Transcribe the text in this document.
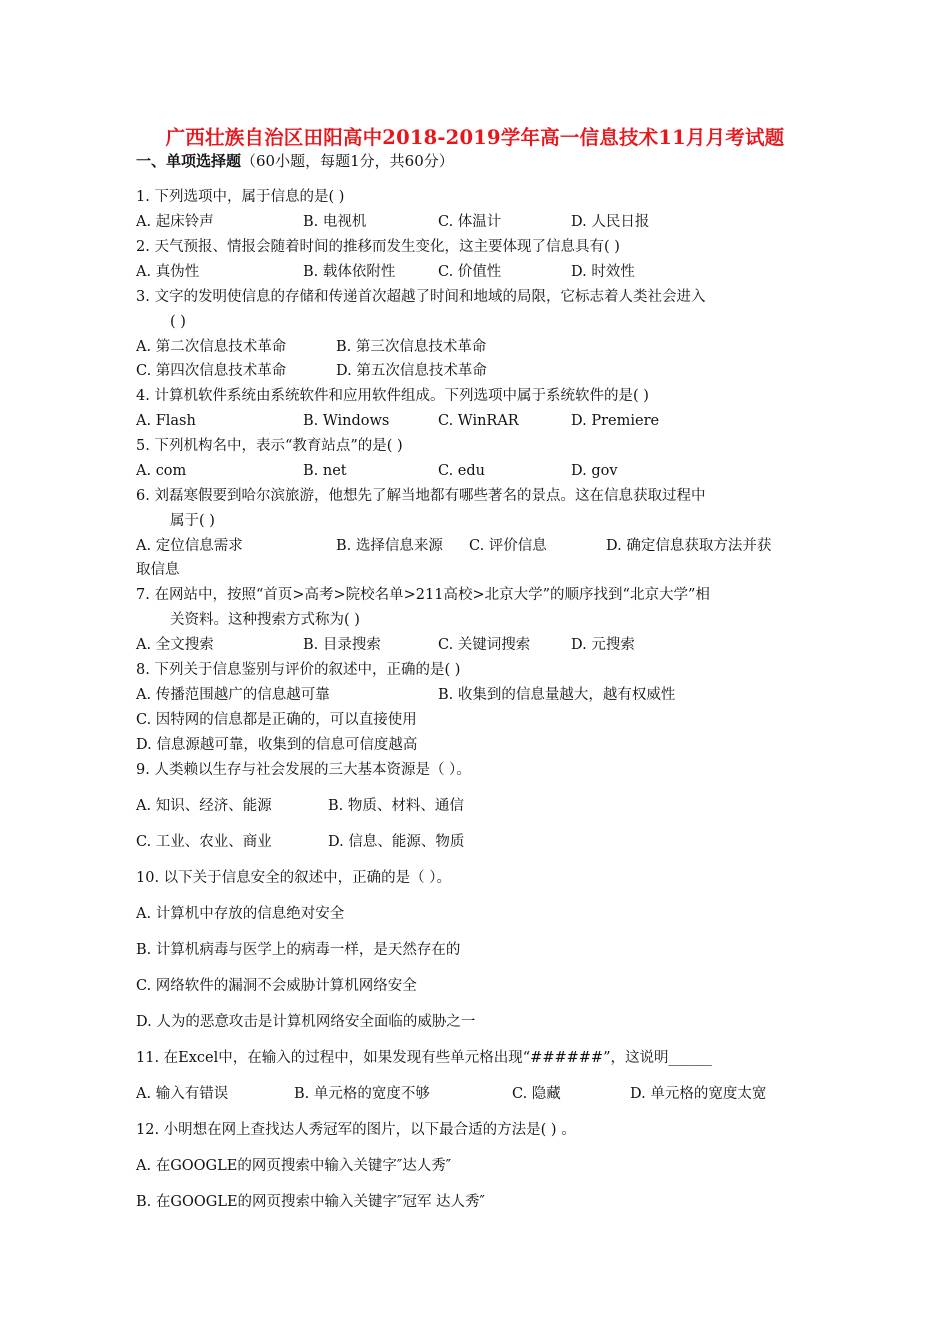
广西壮族自治区田阳高中2018-2019学年高一信息技术11月月考试题
一、单项选择题（60小题，每题1分，共60分）
1. 下列选项中，属于信息的是( )
A. 起床铃声	B. 电视机	C. 体温计	D. 人民日报
2. 天气预报、情报会随着时间的推移而发生变化，这主要体现了信息具有( )
A. 真伪性	B. 载体依附性	C. 价值性	D. 时效性
3. 文字的发明使信息的存储和传递首次超越了时间和地域的局限，它标志着人类社会进入
( )
A. 第二次信息技术革命	B. 第三次信息技术革命
C. 第四次信息技术革命	D. 第五次信息技术革命
4. 计算机软件系统由系统软件和应用软件组成。下列选项中属于系统软件的是( )
A. Flash	B. Windows	C. WinRAR	D. Premiere
5. 下列机构名中，表示“教育站点”的是( )
A. com	B. net	C. edu	D. gov
6. 刘磊寒假要到哈尔滨旅游，他想先了解当地都有哪些著名的景点。这在信息获取过程中
属于( )
A. 定位信息需求	B. 选择信息来源 C. 评价信息	D. 确定信息获取方法并获
取信息
7. 在网站中，按照“首页>高考>院校名单>211高校>北京大学”的顺序找到“北京大学”相
关资料。这种搜索方式称为( )
A. 全文搜索	B. 目录搜索	C. 关键词搜索	D. 元搜索
8. 下列关于信息鉴别与评价的叙述中，正确的是( )
A. 传播范围越广的信息越可靠	B. 收集到的信息量越大，越有权威性
C. 因特网的信息都是正确的，可以直接使用
D. 信息源越可靠，收集到的信息可信度越高
9. 人类赖以生存与社会发展的三大基本资源是（ ）。
A. 知识、经济、能源	B. 物质、材料、通信
C. 工业、农业、商业	D. 信息、能源、物质
10. 以下关于信息安全的叙述中，正确的是（ ）。
A. 计算机中存放的信息绝对安全
B. 计算机病毒与医学上的病毒一样，是天然存在的
C. 网络软件的漏洞不会威胁计算机网络安全
D. 人为的恶意攻击是计算机网络安全面临的威胁之一
11. 在Excel中，在输入的过程中，如果发现有些单元格出现“######”，这说明______
A. 输入有错误	B. 单元格的宽度不够	C. 隐藏	D. 单元格的宽度太宽
12. 小明想在网上查找达人秀冠军的图片，以下最合适的方法是( ) 。
A. 在GOOGLE的网页搜索中输入关键字″达人秀″
B. 在GOOGLE的网页搜索中输入关键字″冠军 达人秀″
